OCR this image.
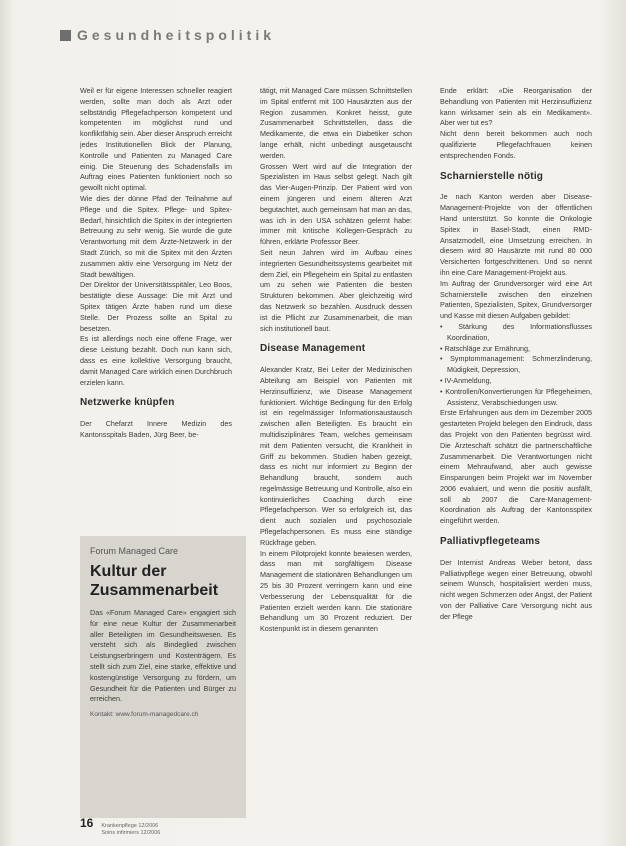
Gesundheitspolitik

Weil er für eigene Interessen schneller reagiert werden, sollte man doch als Arzt oder selbständig Pflegefachperson kompetent und kompetenten im möglichst rund und konfliktfähig sein. Aber dieser Anspruch erreicht jedes Institutionellen Blick der Planung, Kontrolle und Patienten zu Managed Care einig. Die Steuerung des Schadensfalls im Auftrag eines Patienten funktioniert noch so gewollt nicht optimal.

Wie dies der dünne Pfad der Teilnahme auf Pflege und die Spitex. Pflege- und Spitex-Bedarf, hinsichtlich die Spitex in der integrierten Betreuung zu sehr wenig. Sie wurde die gute Verantwortung mit dem Ärzte-Netzwerk in der Stadt Zürich, so mit die Spitex mit den Ärzten zusammen aktiv eine Versorgung im Netz der Stadt bewältigen.

Der Direktor der Universitätsspitäler, Leo Boos, bestätigte diese Aussage: Die mit Arzt und Spitex tätigen Ärzte haben rund um diese Stelle. Der Prozess sollte an Spital zu besetzen.

Es ist allerdings noch eine offene Frage, wer diese Leistung bezahlt. Doch nun kann sich, dass es eine kollektive Versorgung braucht, damit Managed Care wirklich einen Durchbruch erzielen kann.

Netzwerke knüpfen

Der Chefarzt Innere Medizin des Kantonsspitals Baden, Jürg Beer, be-

Forum Managed Care
Kultur der Zusammenarbeit
Das «Forum Managed Care» engagiert sich für eine neue Kultur der Zusammenarbeit aller Beteiligten im Gesundheitswesen. Es versteht sich als Bindeglied zwischen Leistungserbringern und Kostenträgern. Es stellt sich zum Ziel, eine starke, effektive und kostengünstige Versorgung zu fördern, um Gesundheit für die Patienten und Bürger zu erreichen.
Kontakt: www.forum-managedcare.ch

tätigt, mit Managed Care müssen Schnittstellen im Spital entfernt mit 100 Hausärzten aus der Region zusammen. Konkret heisst, gute Zusammenarbeit Schnittstellen, dass die Medikamente, die etwa ein Diabetiker schon lange erhält, nicht unbedingt ausgetauscht werden.

Grossen Wert wird auf die Integration der Spezialisten im Haus selbst gelegt. Nach gilt das Vier-Augen-Prinzip. Der Patient wird von einem jüngeren und einem älteren Arzt begutachtet, auch gemeinsam hat man an das, was ich in den USA schätzen gelernt habe: immer mit kritische Kollegen-Gespräch zu führen, erklärte Professor Beer.

Seit neun Jahren wird im Aufbau eines integrierten Gesundheitssystems gearbeitet mit dem Ziel, ein Pflegeheim ein Spital zu entlasten um zu sehen wie Patienten die besten Strukturen bekommen. Aber gleichzeitig wird das Netzwerk so bezahlen. Ausdruck dessen ist die Pflicht zur Zusammenarbeit, die man sich institutionell baut.

Disease Management

Alexander Kratz, Bei Leiter der Medizinischen Abteilung am Beispiel von Patienten mit Herzinsuffizienz, wie Disease Management funktioniert. Wichtige Bedingung für den Erfolg ist ein regelmässiger Informationsaustausch zwischen allen Beteiligten. Es braucht ein multidisziplinäres Team, welches gemeinsam mit dem Patienten versucht, die Krankheit in Griff zu bekommen. Studien haben gezeigt, dass es nicht nur informiert zu Beginn der Behandlung braucht, sondern auch regelmässige Betreuung und Kontrolle, also ein kontinuierliches Coaching durch eine Pflegefachperson. Wer so erfolgreich ist, das dient auch sozialen und psychosoziale Pflegefachpersonen. Es muss eine ständige Rückfrage geben.

In einem Pilotprojekt konnte bewiesen werden, dass man mit sorgfältigem Disease Management die stationären Behandlungen um 25 bis 30 Prozent verringern kann und eine Verbesserung der Lebensqualität für die Patienten erzielt werden kann. Die stationäre Behandlung um 30 Prozent reduziert. Der Kostenpunkt ist in diesem genannten

Ende erklärt: «Die Reorganisation der Behandlung von Patienten mit Herzinsuffizienz kann wirksamer sein als ein Medikament». Aber wer tut es?

Nicht denn bereit bekommen auch noch qualifizierte Pflegefachfrauen keinen entsprechenden Fonds.

Scharnierstelle nötig

Je nach Kanton werden aber Disease-Management-Projekte von der öffentlichen Hand unterstützt. So konnte die Onkologie Spitex in Basel-Stadt, einen RMD-Ansatzmodell, eine Umsetzung erreichen. In diesem wird 80 Hausärzte mit rund 80 000 Versicherten fortgeschrittenen. Und so nennt ihn eine Care Management-Projekt aus.

Im Auftrag der Grundversorger wird eine Art Scharnierstelle zwischen den einzelnen Patienten, Spezialisten, Spitex, Grundversorger und Kasse mit diesen Aufgaben gebildet:

• Stärkung des Informationsflusses Koordination,
• Ratschläge zur Ernährung,
• Symptommanagement: Schmerzlinderung, Müdigkeit, Depression,
• IV-Anmeldung,
• Kontrollen/Konvertierungen für Pflegeheimen, Assistenz, Verabschiedungen usw.

Erste Erfahrungen aus dem im Dezember 2005 gestarteten Projekt belegen den Eindruck, dass das Projekt von den Patienten begrüsst wird. Die Ärzteschaft schätzt die partnerschaftliche Zusammenarbeit. Die Verantwortungen nicht einem Mehraufwand, aber auch gewisse Einsparungen beim Projekt war im November 2006 evaluiert, und wenn die positiv ausfällt, soll ab 2007 die Care-Management-Koordination als Auftrag der Kantonsspitex eingeführt werden.

Palliativpflegeteams

Der Internist Andreas Weber betont, dass Palliativpflege wegen einer Betreuung, obwohl seinem Wunsch, hospitalisiert werden muss, nicht wegen Schmerzen oder Angst, der Patient von der Palliative Care Versorgung nicht aus der Pflege

16 Krankenpflege 12/2006
Soins infirmiers 12/2006
